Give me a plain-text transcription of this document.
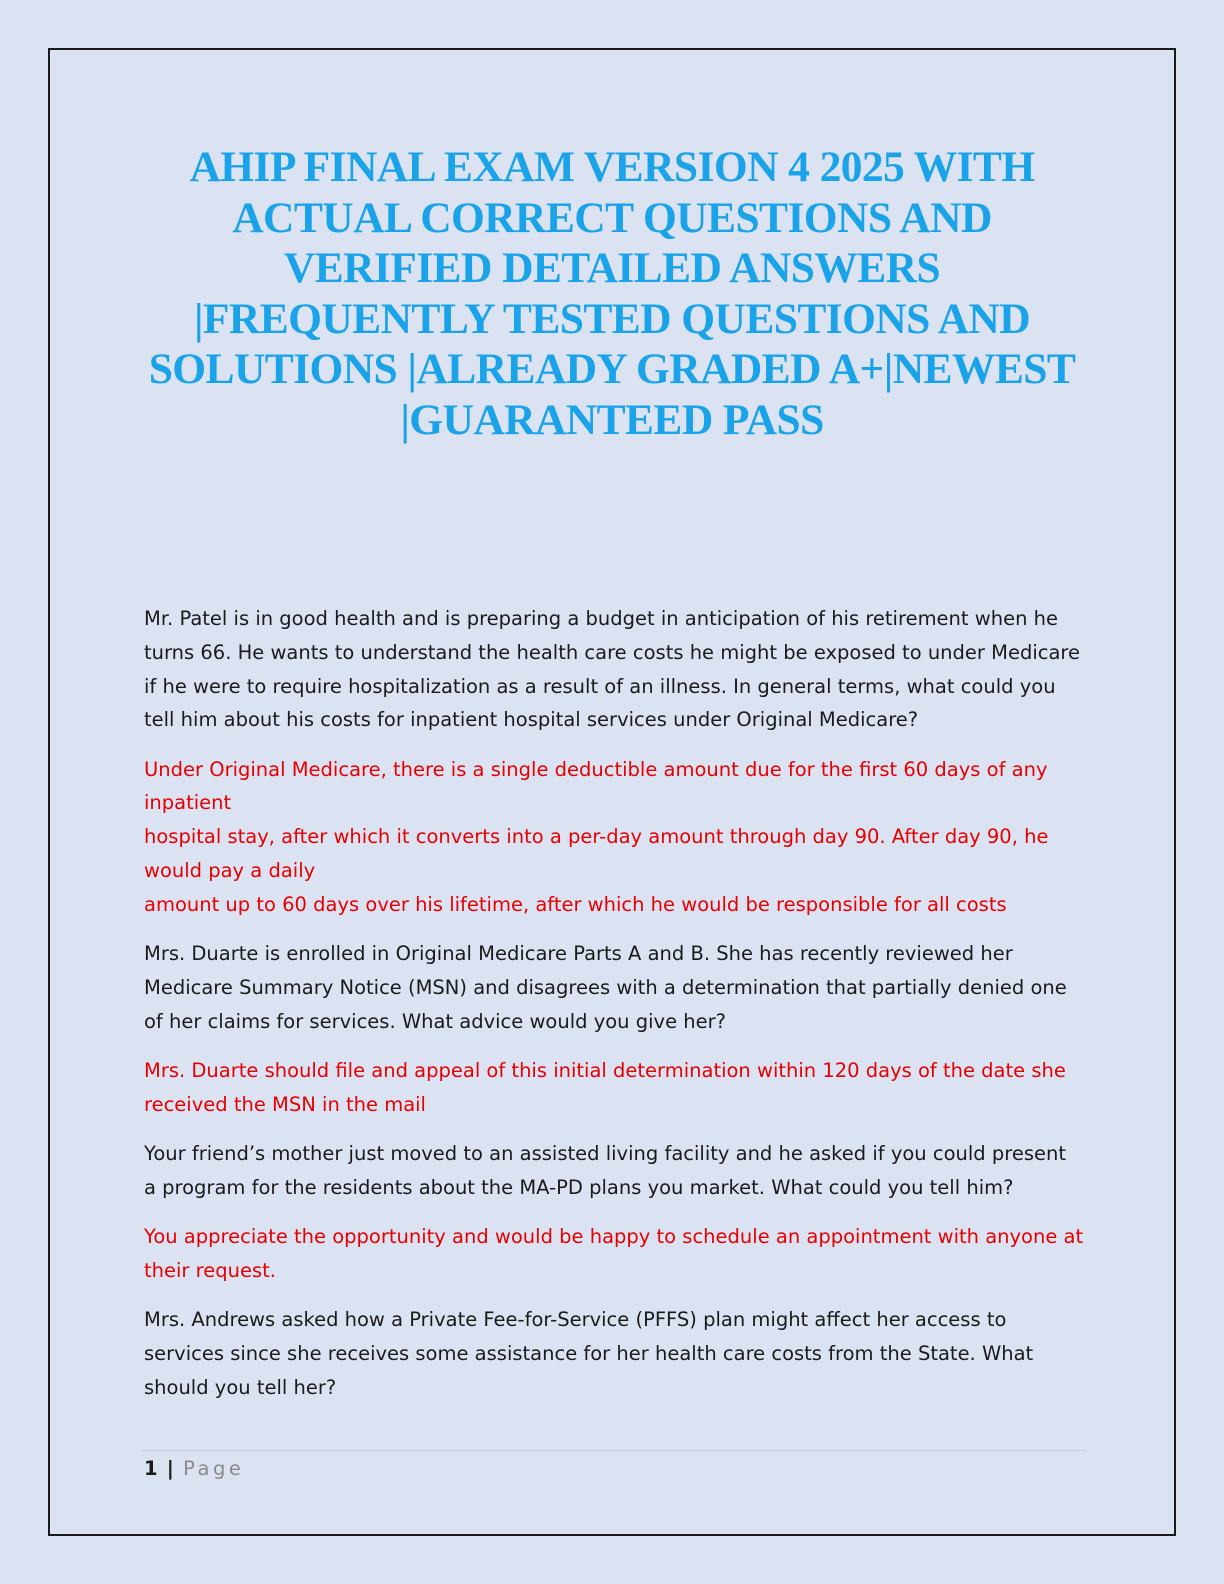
AHIP FINAL EXAM VERSION 4 2025 WITH
ACTUAL CORRECT QUESTIONS AND
VERIFIED DETAILED ANSWERS
|FREQUENTLY TESTED QUESTIONS AND
SOLUTIONS |ALREADY GRADED A+|NEWEST
|GUARANTEED PASS

Mr. Patel is in good health and is preparing a budget in anticipation of his retirement when he turns 66. He wants to understand the health care costs he might be exposed to under Medicare if he were to require hospitalization as a result of an illness. In general terms, what could you tell him about his costs for inpatient hospital services under Original Medicare?

Under Original Medicare, there is a single deductible amount due for the first 60 days of any inpatient
hospital stay, after which it converts into a per-day amount through day 90. After day 90, he would pay a daily
amount up to 60 days over his lifetime, after which he would be responsible for all costs

Mrs. Duarte is enrolled in Original Medicare Parts A and B. She has recently reviewed her Medicare Summary Notice (MSN) and disagrees with a determination that partially denied one of her claims for services. What advice would you give her?

Mrs. Duarte should file and appeal of this initial determination within 120 days of the date she received the MSN in the mail

Your friend’s mother just moved to an assisted living facility and he asked if you could present a program for the residents about the MA-PD plans you market. What could you tell him?

You appreciate the opportunity and would be happy to schedule an appointment with anyone at their request.

Mrs. Andrews asked how a Private Fee-for-Service (PFFS) plan might affect her access to services since she receives some assistance for her health care costs from the State. What should you tell her?

1 | Page
